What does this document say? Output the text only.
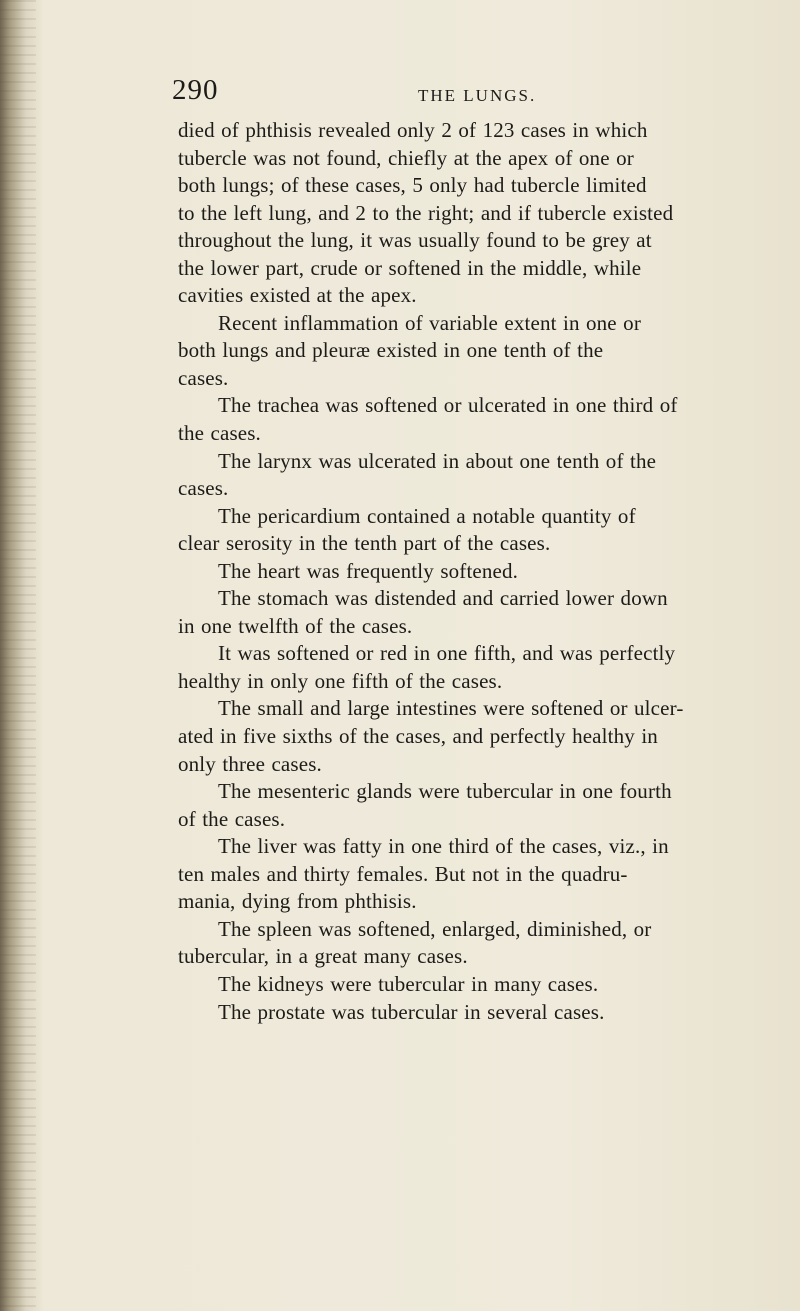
290	THE LUNGS.
died of phthisis revealed only 2 of 123 cases in which
tubercle was not found, chiefly at the apex of one or
both lungs; of these cases, 5 only had tubercle limited
to the left lung, and 2 to the right; and if tubercle existed
throughout the lung, it was usually found to be grey at
the lower part, crude or softened in the middle, while
cavities existed at the apex.
Recent inflammation of variable extent in one or
both lungs and pleuræ existed in one tenth of the
cases.
The trachea was softened or ulcerated in one third of
the cases.
The larynx was ulcerated in about one tenth of the
cases.
The pericardium contained a notable quantity of
clear serosity in the tenth part of the cases.
The heart was frequently softened.
The stomach was distended and carried lower down
in one twelfth of the cases.
It was softened or red in one fifth, and was perfectly
healthy in only one fifth of the cases.
The small and large intestines were softened or ulcer-
ated in five sixths of the cases, and perfectly healthy in
only three cases.
The mesenteric glands were tubercular in one fourth
of the cases.
The liver was fatty in one third of the cases, viz., in
ten males and thirty females. But not in the quadru-
mania, dying from phthisis.
The spleen was softened, enlarged, diminished, or
tubercular, in a great many cases.
The kidneys were tubercular in many cases.
The prostate was tubercular in several cases.
